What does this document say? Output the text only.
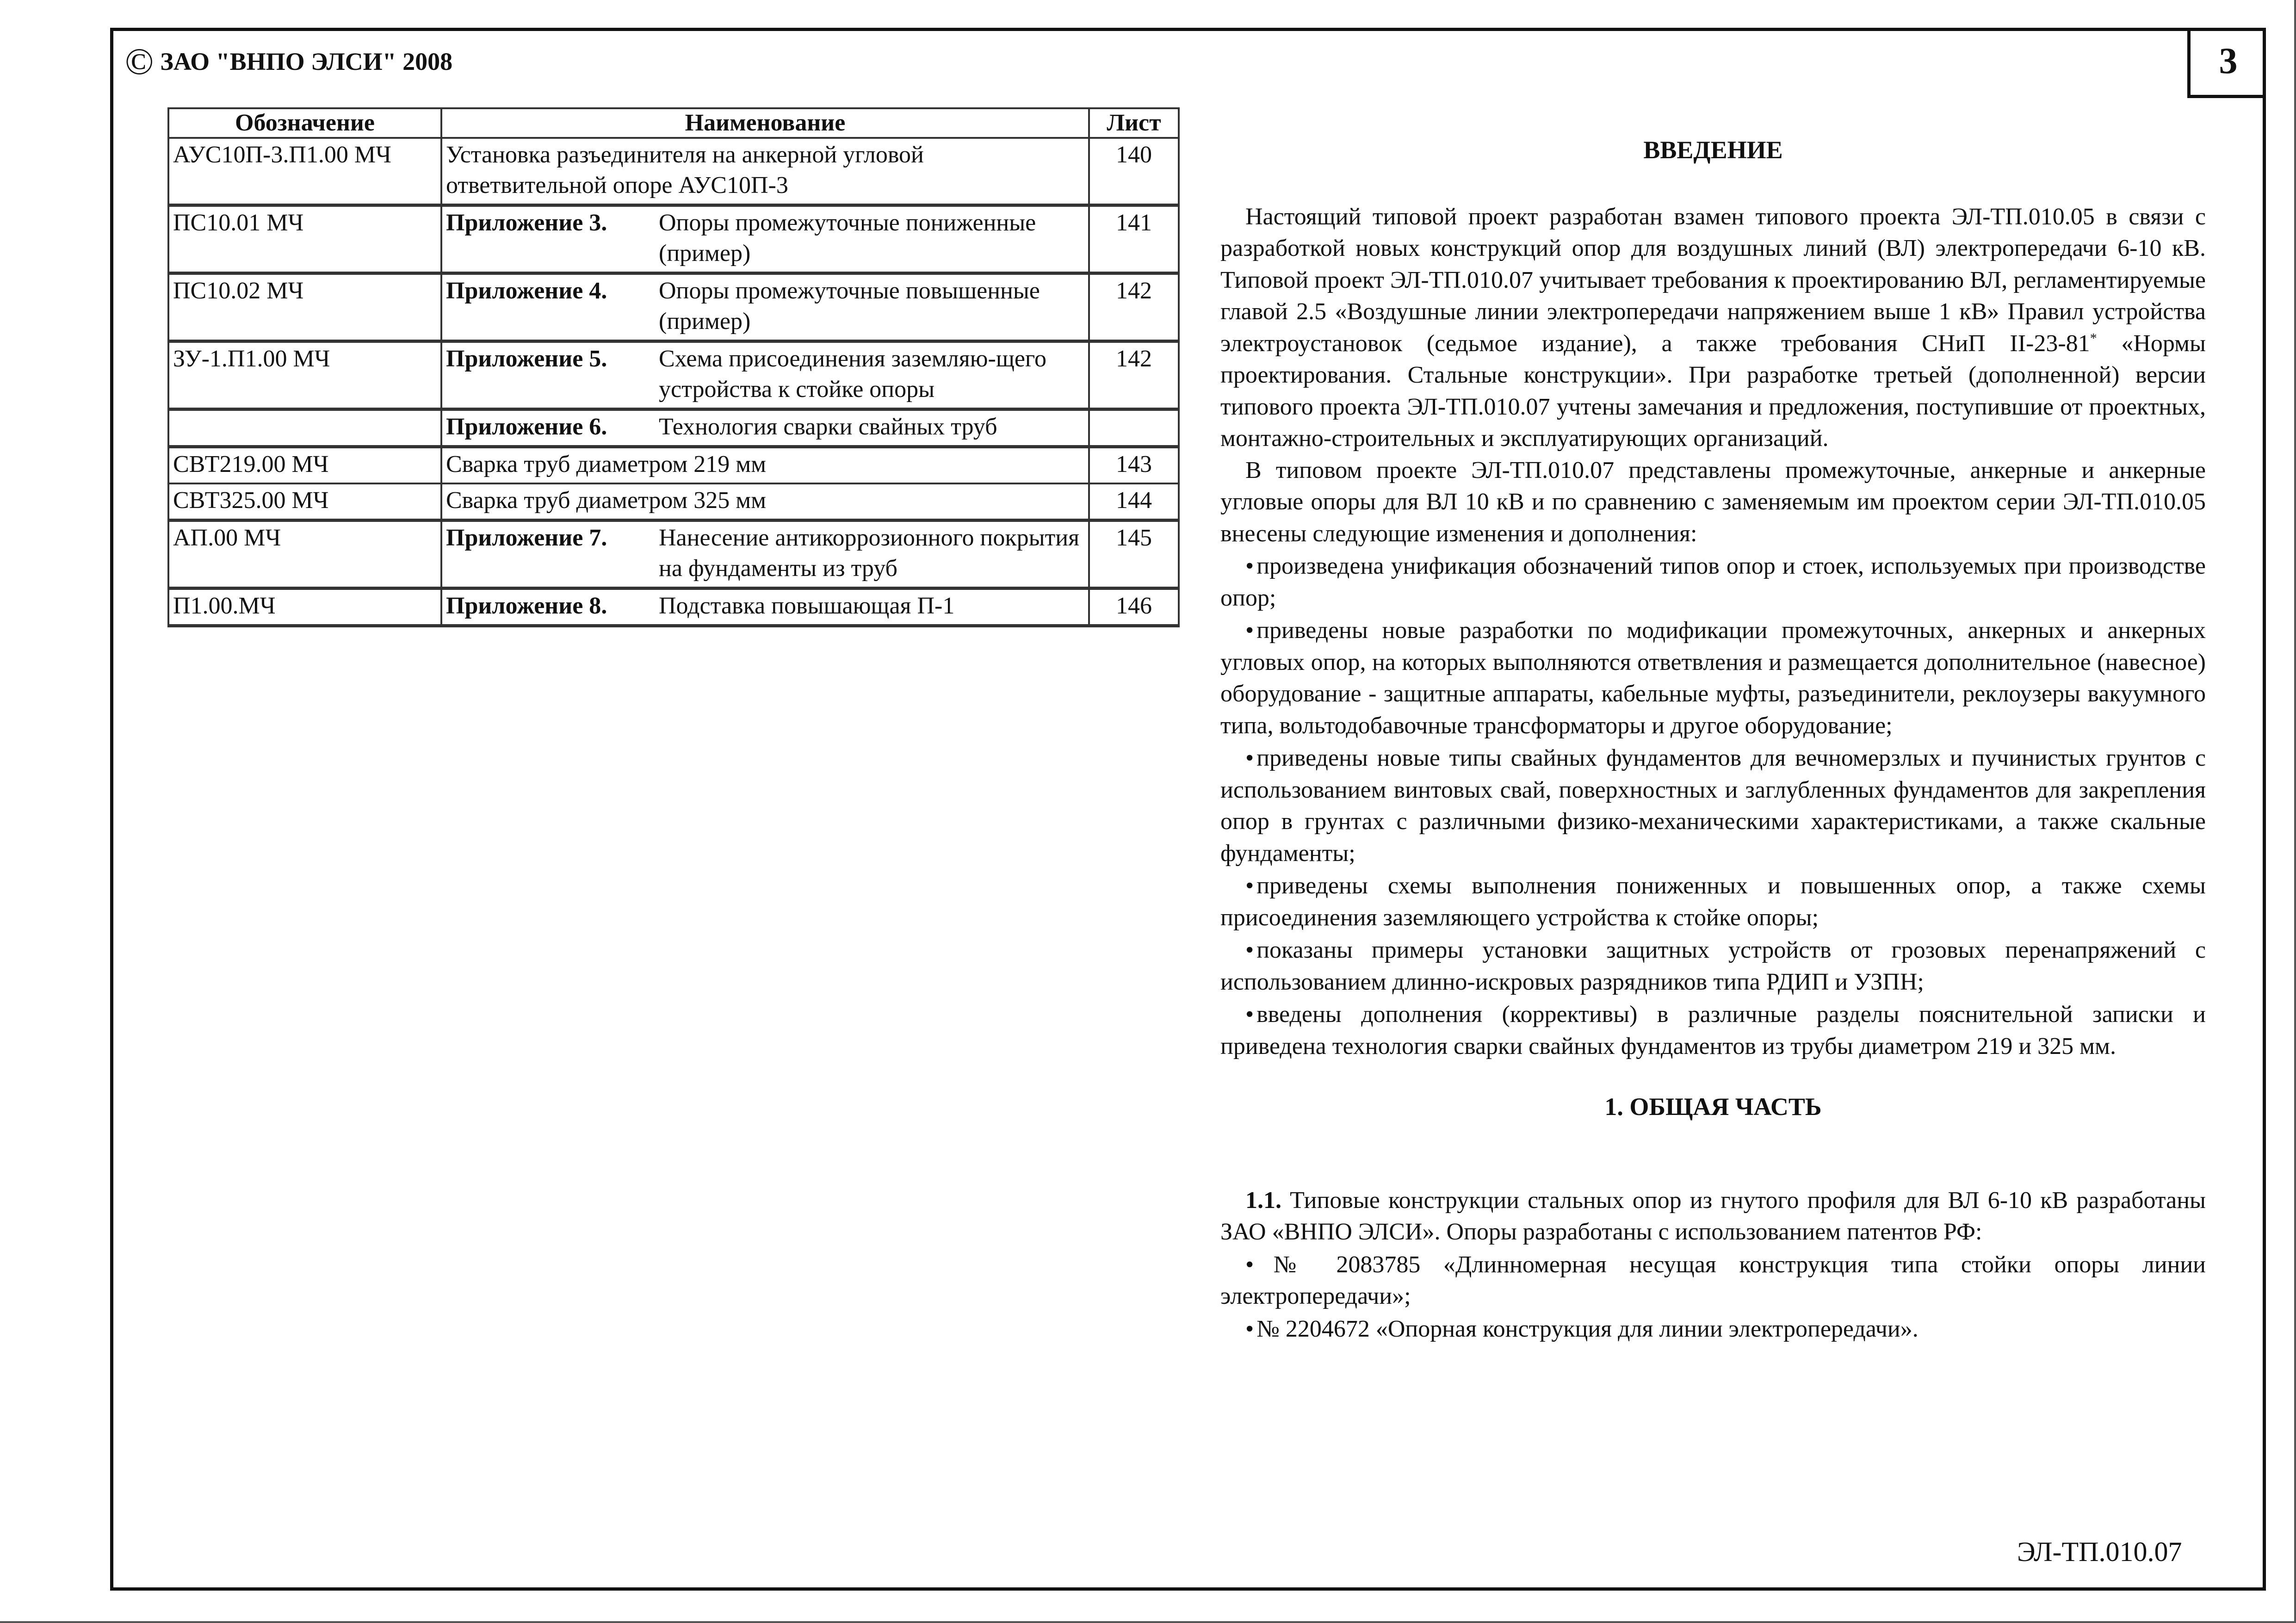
© ЗАО "ВНПО ЭЛСИ" 2008	3
Обозначение	Наименование	Лист
АУС10П-3.П1.00 МЧ	Установка разъединителя на анкерной угловой ответвительной опоре АУС10П-3	140
ПС10.01 МЧ	Приложение 3. Опоры промежуточные пониженные (пример)	141
ПС10.02 МЧ	Приложение 4. Опоры промежуточные повышенные (пример)	142
ЗУ-1.П1.00 МЧ	Приложение 5. Схема присоединения заземляю-щего устройства к стойке опоры	142

	Приложение 6. Технология сварки свайных труб	

СВТ219.00 МЧ	Сварка труб диаметром 219 мм	143
СВТ325.00 МЧ	Сварка труб диаметром 325 мм	144
АП.00 МЧ	Приложение 7. Нанесение антикоррозионного покрытия на фундаменты из труб	145
П1.00.МЧ	Приложение 8. Подставка повышающая П-1	146
ВВЕДЕНИЕ

Настоящий типовой проект разработан взамен типового проекта ЭЛ-ТП.010.05 в связи с разработкой новых конструкций опор для воздушных линий (ВЛ) электропередачи 6-10 кВ. Типовой проект ЭЛ-ТП.010.07 учитывает требования к проектированию ВЛ, регламентируемые главой 2.5 «Воздушные линии электропередачи напряжением выше 1 кВ» Правил устройства электроустановок (седьмое издание), а также требования СНиП II-23-81* «Нормы проектирования. Стальные конструкции». При разработке третьей (дополненной) версии типового проекта ЭЛ-ТП.010.07 учтены замечания и предложения, поступившие от проектных, монтажно-строительных и эксплуатирующих организаций.

В типовом проекте ЭЛ-ТП.010.07 представлены промежуточные, анкерные и анкерные угловые опоры для ВЛ 10 кВ и по сравнению с заменяемым им проектом серии ЭЛ-ТП.010.05 внесены следующие изменения и дополнения:

• произведена унификация обозначений типов опор и стоек, используемых при производстве опор;

• приведены новые разработки по модификации промежуточных, анкерных и анкерных угловых опор, на которых выполняются ответвления и размещается дополнительное (навесное) оборудование - защитные аппараты, кабельные муфты, разъединители, реклоузеры вакуумного типа, вольтодобавочные трансформаторы и другое оборудование;

• приведены новые типы свайных фундаментов для вечномерзлых и пучинистых грунтов с использованием винтовых свай, поверхностных и заглубленных фундаментов для закрепления опор в грунтах с различными физико-механическими характеристиками, а также скальные фундаменты;

• приведены схемы выполнения пониженных и повышенных опор, а также схемы присоединения заземляющего устройства к стойке опоры;

• показаны примеры установки защитных устройств от грозовых перенапряжений с использованием длинно-искровых разрядников типа РДИП и УЗПН;

• введены дополнения (коррективы) в различные разделы пояснительной записки и приведена технология сварки свайных фундаментов из трубы диаметром 219 и 325 мм.

1. ОБЩАЯ ЧАСТЬ

1.1. Типовые конструкции стальных опор из гнутого профиля для ВЛ 6-10 кВ разработаны ЗАО «ВНПО ЭЛСИ». Опоры разработаны с использованием патентов РФ:

• № 2083785 «Длинномерная несущая конструкция типа стойки опоры линии электропередачи»;

• № 2204672 «Опорная конструкция для линии электропередачи».

ЭЛ-ТП.010.07
